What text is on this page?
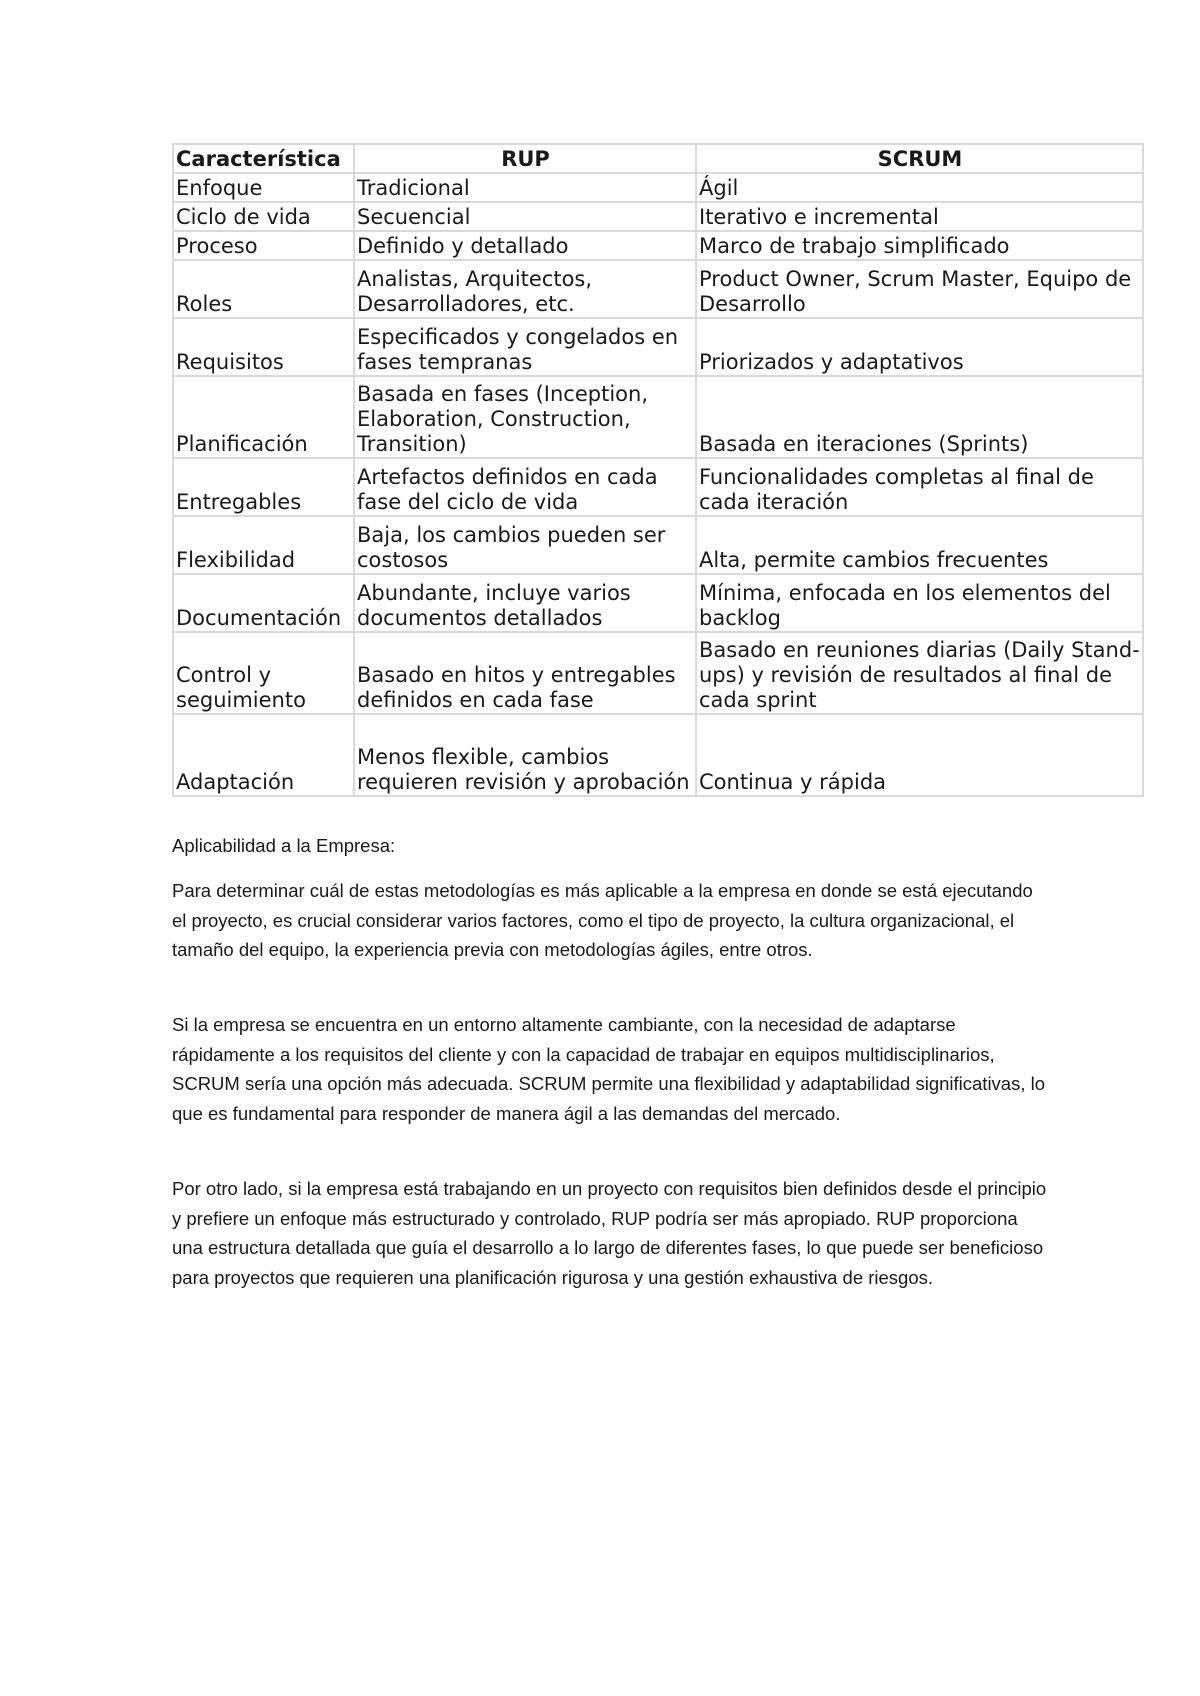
Característica	RUP	SCRUM
Enfoque	Tradicional	Ágil
Ciclo de vida	Secuencial	Iterativo e incremental
Proceso	Definido y detallado	Marco de trabajo simplificado
Roles	Analistas, Arquitectos, Desarrolladores, etc.	Product Owner, Scrum Master, Equipo de Desarrollo
Requisitos	Especificados y congelados en fases tempranas	Priorizados y adaptativos
Planificación	Basada en fases (Inception, Elaboration, Construction, Transition)	Basada en iteraciones (Sprints)
Entregables	Artefactos definidos en cada fase del ciclo de vida	Funcionalidades completas al final de cada iteración
Flexibilidad	Baja, los cambios pueden ser costosos	Alta, permite cambios frecuentes
Documentación	Abundante, incluye varios documentos detallados	Mínima, enfocada en los elementos del backlog
Control y seguimiento	Basado en hitos y entregables definidos en cada fase	Basado en reuniones diarias (Daily Stand-ups) y revisión de resultados al final de cada sprint
Adaptación	Menos flexible, cambios requieren revisión y aprobación	Continua y rápida

Aplicabilidad a la Empresa:

Para determinar cuál de estas metodologías es más aplicable a la empresa en donde se está ejecutando el proyecto, es crucial considerar varios factores, como el tipo de proyecto, la cultura organizacional, el tamaño del equipo, la experiencia previa con metodologías ágiles, entre otros.

Si la empresa se encuentra en un entorno altamente cambiante, con la necesidad de adaptarse rápidamente a los requisitos del cliente y con la capacidad de trabajar en equipos multidisciplinarios, SCRUM sería una opción más adecuada. SCRUM permite una flexibilidad y adaptabilidad significativas, lo que es fundamental para responder de manera ágil a las demandas del mercado.

Por otro lado, si la empresa está trabajando en un proyecto con requisitos bien definidos desde el principio y prefiere un enfoque más estructurado y controlado, RUP podría ser más apropiado. RUP proporciona una estructura detallada que guía el desarrollo a lo largo de diferentes fases, lo que puede ser beneficioso para proyectos que requieren una planificación rigurosa y una gestión exhaustiva de riesgos.
